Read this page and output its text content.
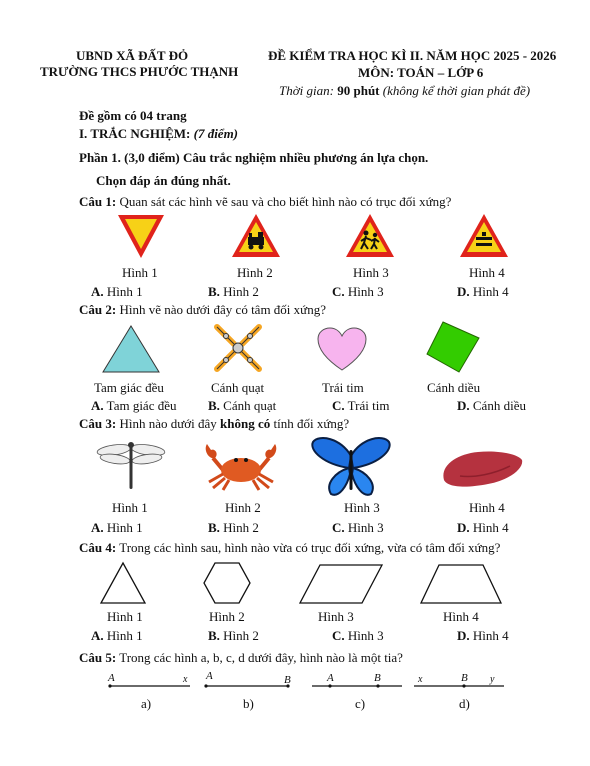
UBND XÃ ĐẤT ĐỎ
TRƯỜNG THCS PHƯỚC THẠNH
ĐỀ KIỂM TRA HỌC KÌ II. NĂM HỌC 2025 - 2026
MÔN: TOÁN – LỚP 6
Thời gian: 90 phút (không kể thời gian phát đề)
Đề gồm có 04 trang
I. TRẮC NGHIỆM: (7 điểm)
Phần 1. (3,0 điểm) Câu trắc nghiệm nhiều phương án lựa chọn.
Chọn đáp án đúng nhất.
Câu 1: Quan sát các hình vẽ sau và cho biết hình nào có trục đối xứng?
Hình 1	Hình 2	Hình 3	Hình 4
A. Hình 1	B. Hình 2	C. Hình 3	D. Hình 4
Câu 2: Hình vẽ nào dưới đây có tâm đối xứng?
Tam giác đều	Cánh quạt	Trái tim	Cánh diều
A. Tam giác đều B. Cánh quạt	C. Trái tim	D. Cánh diều
Câu 3: Hình nào dưới đây không có tính đối xứng?
Hình 1	Hình 2	Hình 3	Hình 4
A. Hình 1	B. Hình 2	C. Hình 3	D. Hình 4
Câu 4: Trong các hình sau, hình nào vừa có trục đối xứng, vừa có tâm đối xứng?
Hình 1	Hình 2	Hình 3	Hình 4
A. Hình 1	B. Hình 2	C. Hình 3	D. Hình 4
Câu 5: Trong các hình a, b, c, d dưới đây, hình nào là một tia?
A	x A	B	A	B	x	B y
a)	b)	c)	d)
